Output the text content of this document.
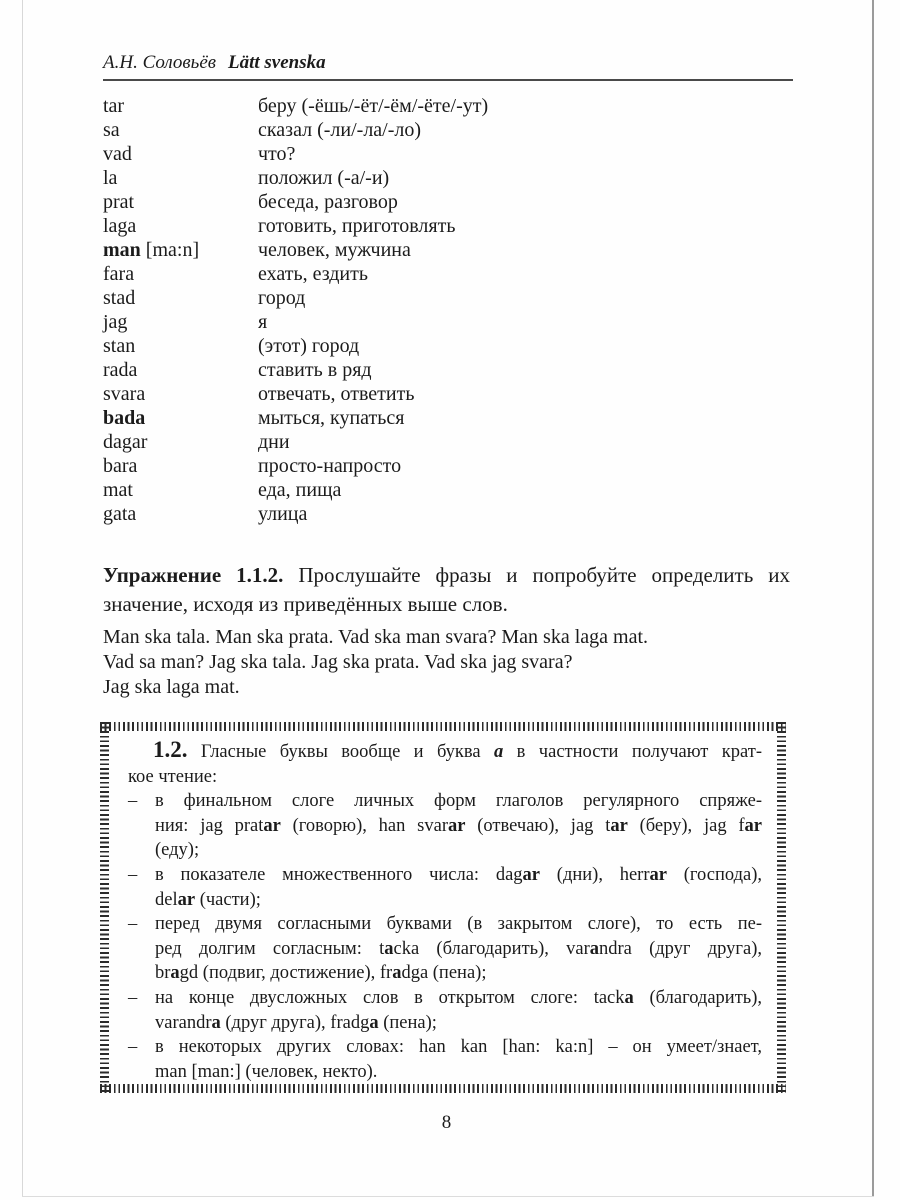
А.Н. Соловьёв Lätt svenska
tar	беру (-ёшь/-ёт/-ём/-ёте/-ут)
sa	сказал (-ли/-ла/-ло)
vad	что?
la	положил (-а/-и)
prat	беседа, разговор
laga	готовить, приготовлять
man [ma:n]	человек, мужчина
fara	ехать, ездить
stad	город
jag	я
stan	(этот) город
rada	ставить в ряд
svara	отвечать, ответить
bada	мыться, купаться
dagar	дни
bara	просто-напросто
mat	еда, пища
gata	улица
Упражнение 1.1.2. Прослушайте фразы и попробуйте определить их
значение, исходя из приведённых выше слов.
Man ska tala. Man ska prata. Vad ska man svara? Man ska laga mat.
Vad sa man? Jag ska tala. Jag ska prata. Vad ska jag svara?
Jag ska laga mat.
1.2. Гласные буквы вообще и буква a в частности получают крат-
кое чтение:
– в финальном слоге личных форм глаголов регулярного спряже-
ния: jag pratar (говорю), han svarar (отвечаю), jag tar (беру), jag far
(еду);
– в показателе множественного числа: dagar (дни), herrar (господа),
delar (части);
– перед двумя согласными буквами (в закрытом слоге), то есть пе-
ред долгим согласным: tacka (благодарить), varandra (друг друга),
bragd (подвиг, достижение), fradga (пена);
– на конце двусложных слов в открытом слоге: tacka (благодарить),
varandra (друг друга), fradga (пена);
– в некоторых других словах: han kan [han: ka:n] – он умеет/знает,
man [man:] (человек, некто).
8
